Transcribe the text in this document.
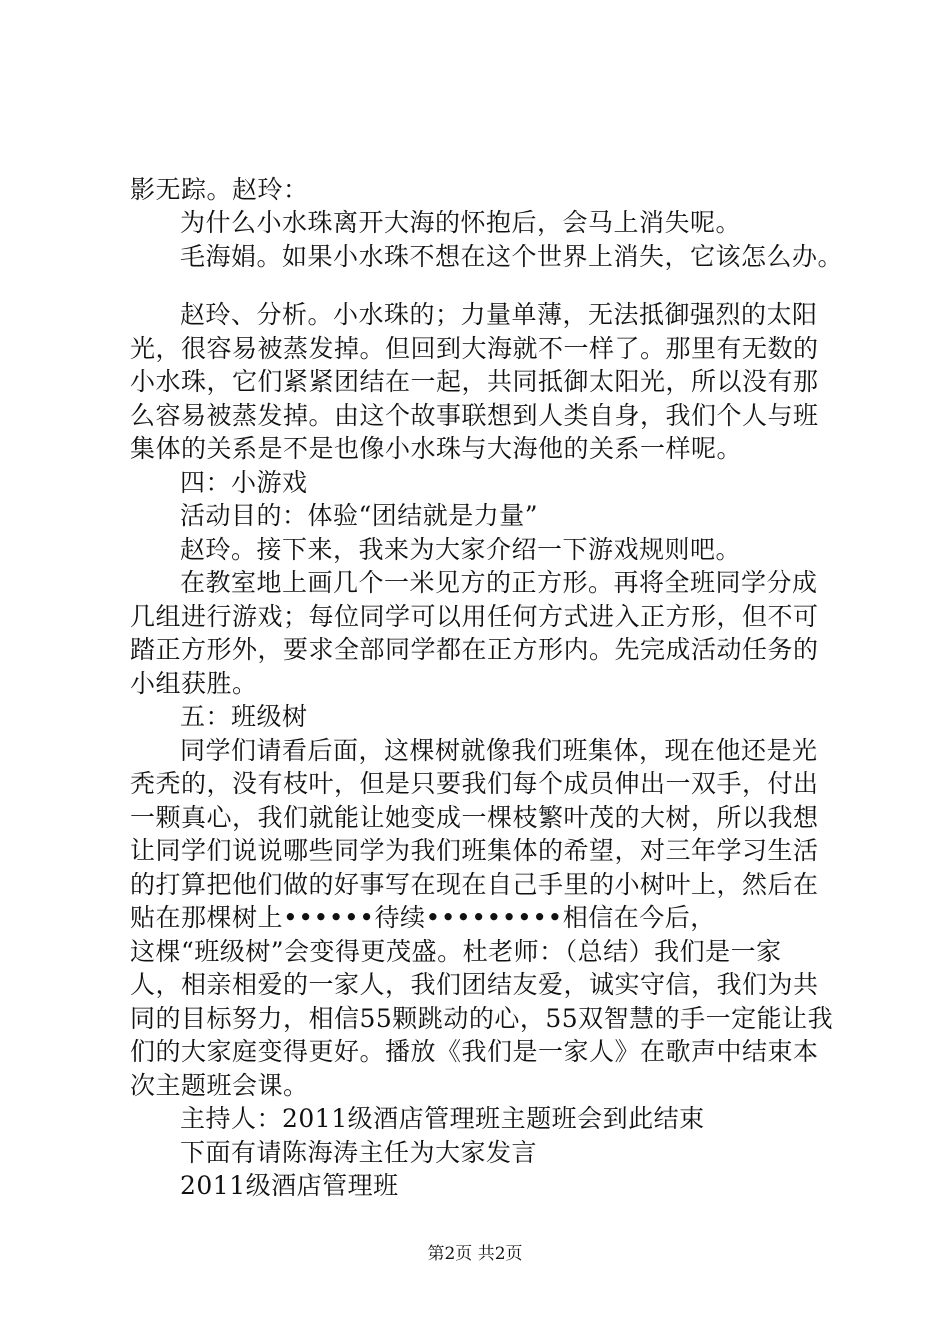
影无踪。赵玲：
为什么小水珠离开大海的怀抱后，会马上消失呢。
毛海娟。如果小水珠不想在这个世界上消失，它该怎么办。
赵玲、分析。小水珠的；力量单薄，无法抵御强烈的太阳
光，很容易被蒸发掉。但回到大海就不一样了。那里有无数的
小水珠，它们紧紧团结在一起，共同抵御太阳光，所以没有那
么容易被蒸发掉。由这个故事联想到人类自身，我们个人与班
集体的关系是不是也像小水珠与大海他的关系一样呢。
四：小游戏
活动目的：体验“团结就是力量”
赵玲。接下来，我来为大家介绍一下游戏规则吧。
在教室地上画几个一米见方的正方形。再将全班同学分成
几组进行游戏；每位同学可以用任何方式进入正方形，但不可
踏正方形外，要求全部同学都在正方形内。先完成活动任务的
小组获胜。
五：班级树
同学们请看后面，这棵树就像我们班集体，现在他还是光
秃秃的，没有枝叶，但是只要我们每个成员伸出一双手，付出
一颗真心，我们就能让她变成一棵枝繁叶茂的大树，所以我想
让同学们说说哪些同学为我们班集体的希望，对三年学习生活
的打算把他们做的好事写在现在自己手里的小树叶上，然后在
贴在那棵树上••••••待续•••••••••相信在今后，
这棵“班级树”会变得更茂盛。杜老师：（总结）我们是一家
人，相亲相爱的一家人，我们团结友爱，诚实守信，我们为共
同的目标努力，相信55颗跳动的心，55双智慧的手一定能让我
们的大家庭变得更好。播放《我们是一家人》在歌声中结束本
次主题班会课。
主持人：2011级酒店管理班主题班会到此结束
下面有请陈海涛主任为大家发言
2011级酒店管理班
第2页 共2页
